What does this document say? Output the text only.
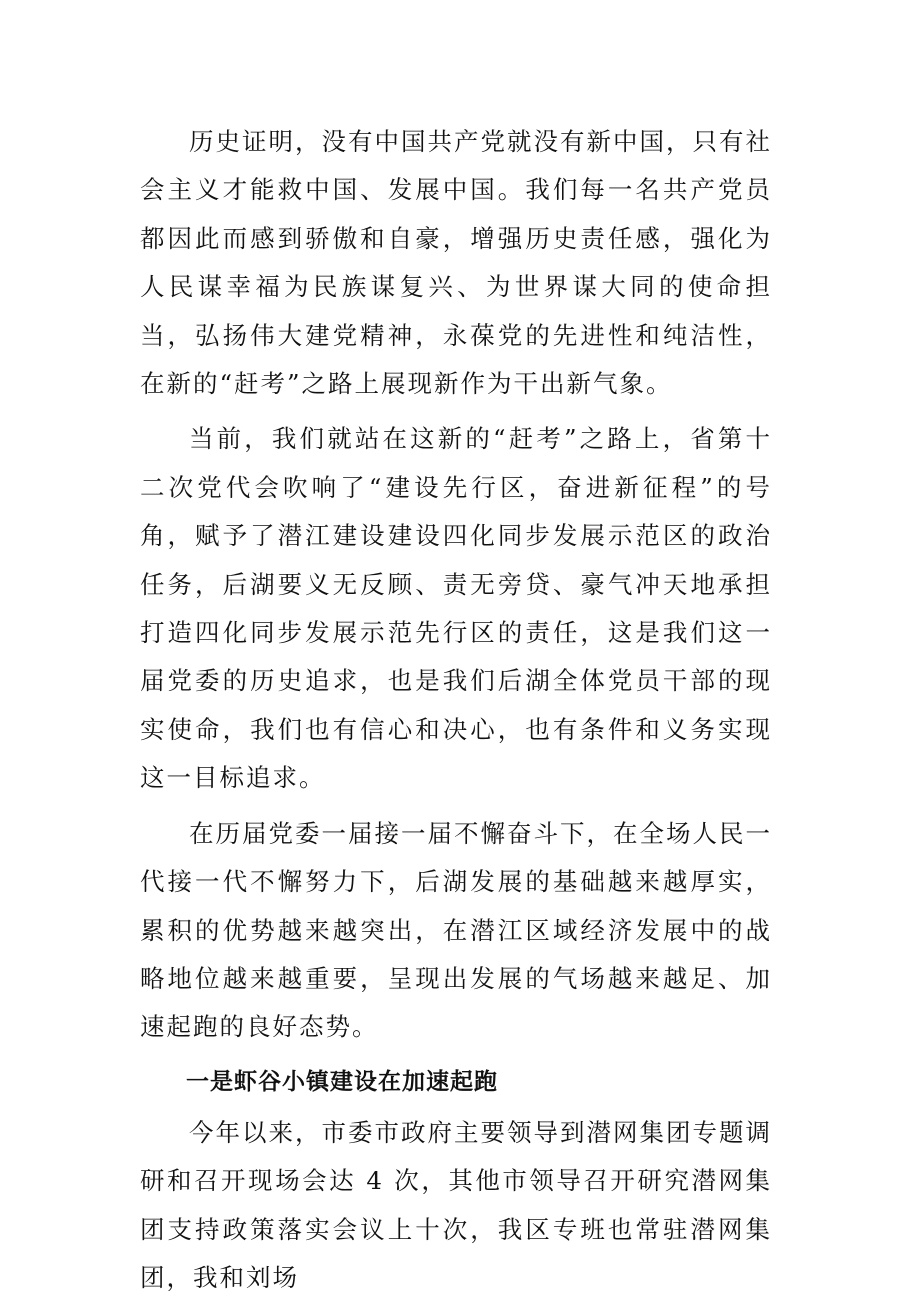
历史证明，没有中国共产党就没有新中国，只有社会主义才能救中国、发展中国。我们每一名共产党员都因此而感到骄傲和自豪，增强历史责任感，强化为人民谋幸福为民族谋复兴、为世界谋大同的使命担当，弘扬伟大建党精神，永葆党的先进性和纯洁性，在新的“赶考”之路上展现新作为干出新气象。

当前，我们就站在这新的“赶考”之路上，省第十二次党代会吹响了“建设先行区，奋进新征程”的号角，赋予了潜江建设建设四化同步发展示范区的政治任务，后湖要义无反顾、责无旁贷、豪气冲天地承担打造四化同步发展示范先行区的责任，这是我们这一届党委的历史追求，也是我们后湖全体党员干部的现实使命，我们也有信心和决心，也有条件和义务实现这一目标追求。

在历届党委一届接一届不懈奋斗下，在全场人民一代接一代不懈努力下，后湖发展的基础越来越厚实，累积的优势越来越突出，在潜江区域经济发展中的战略地位越来越重要，呈现出发展的气场越来越足、加速起跑的良好态势。

一是虾谷小镇建设在加速起跑

今年以来，市委市政府主要领导到潜网集团专题调研和召开现场会达 4 次，其他市领导召开研究潜网集团支持政策落实会议上十次，我区专班也常驻潜网集团，我和刘场
